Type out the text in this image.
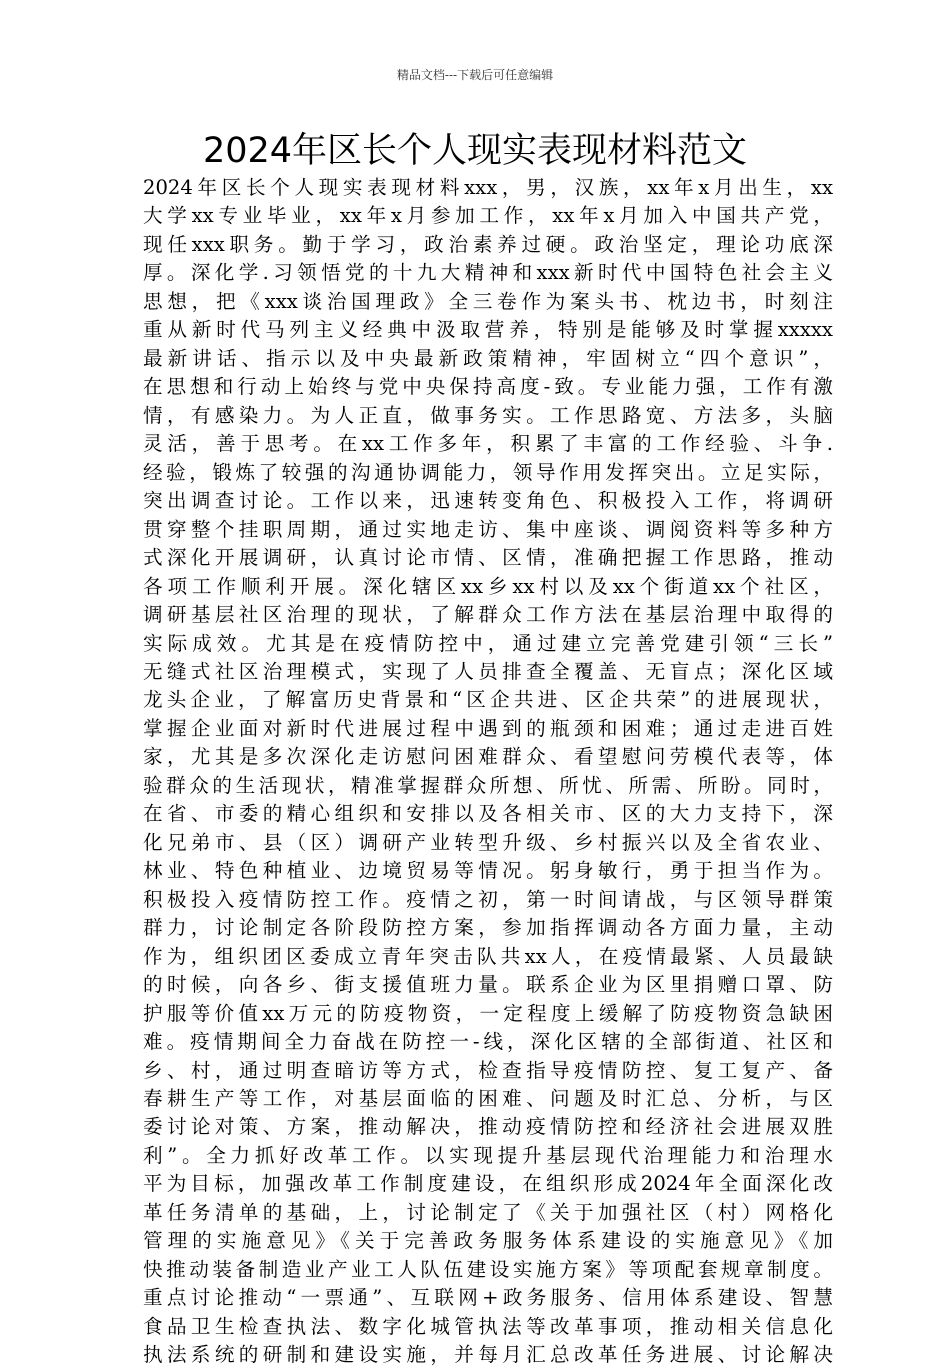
精品文档---下载后可任意编辑
2024年区长个人现实表现材料范文
2024年区长个人现实表现材料xxx，男，汉族，xx年x月出生，xx
大学xx专业毕业，xx年x月参加工作，xx年x月加入中国共产党，
现任xxx职务。勤于学习，政治素养过硬。政治坚定，理论功底深
厚。深化学.习领悟党的十九大精神和xxx新时代中国特色社会主义
思想，把《xxx谈治国理政》全三卷作为案头书、枕边书，时刻注
重从新时代马列主义经典中汲取营养，特别是能够及时掌握xxxxx
最新讲话、指示以及中央最新政策精神，牢固树立“四个意识”，
在思想和行动上始终与党中央保持高度-致。专业能力强，工作有激
情，有感染力。为人正直，做事务实。工作思路宽、方法多，头脑
灵活，善于思考。在xx工作多年，积累了丰富的工作经验、斗争.
经验，锻炼了较强的沟通协调能力，领导作用发挥突出。立足实际，
突出调查讨论。工作以来，迅速转变角色、积极投入工作，将调研
贯穿整个挂职周期，通过实地走访、集中座谈、调阅资料等多种方
式深化开展调研，认真讨论市情、区情，准确把握工作思路，推动
各项工作顺利开展。深化辖区xx乡xx村以及xx个街道xx个社区，
调研基层社区治理的现状，了解群众工作方法在基层治理中取得的
实际成效。尤其是在疫情防控中，通过建立完善党建引领“三长”
无缝式社区治理模式，实现了人员排查全覆盖、无盲点；深化区域
龙头企业，了解富历史背景和“区企共进、区企共荣”的进展现状，
掌握企业面对新时代进展过程中遇到的瓶颈和困难；通过走进百姓
家，尤其是多次深化走访慰问困难群众、看望慰问劳模代表等，体
验群众的生活现状，精准掌握群众所想、所忧、所需、所盼。同时，
在省、市委的精心组织和安排以及各相关市、区的大力支持下，深
化兄弟市、县（区）调研产业转型升级、乡村振兴以及全省农业、
林业、特色种植业、边境贸易等情况。躬身敏行，勇于担当作为。
积极投入疫情防控工作。疫情之初，第一时间请战，与区领导群策
群力，讨论制定各阶段防控方案，参加指挥调动各方面力量，主动
作为，组织团区委成立青年突击队共xx人，在疫情最紧、人员最缺
的时候，向各乡、街支援值班力量。联系企业为区里捐赠口罩、防
护服等价值xx万元的防疫物资，一定程度上缓解了防疫物资急缺困
难。疫情期间全力奋战在防控一-线，深化区辖的全部街道、社区和
乡、村，通过明查暗访等方式，检查指导疫情防控、复工复产、备
春耕生产等工作，对基层面临的困难、问题及时汇总、分析，与区
委讨论对策、方案，推动解决，推动疫情防控和经济社会进展双胜
利”。全力抓好改革工作。以实现提升基层现代治理能力和治理水
平为目标，加强改革工作制度建设，在组织形成2024年全面深化改
革任务清单的基础，上，讨论制定了《关于加强社区（村）网格化
管理的实施意见》《关于完善政务服务体系建设的实施意见》《加
快推动装备制造业产业工人队伍建设实施方案》等项配套规章制度。
重点讨论推动“一票通”、互联网+政务服务、信用体系建设、智慧
食品卫生检查执法、数字化城管执法等改革事项，推动相关信息化
执法系统的研制和建设实施，并每月汇总改革任务进展、讨论解决
